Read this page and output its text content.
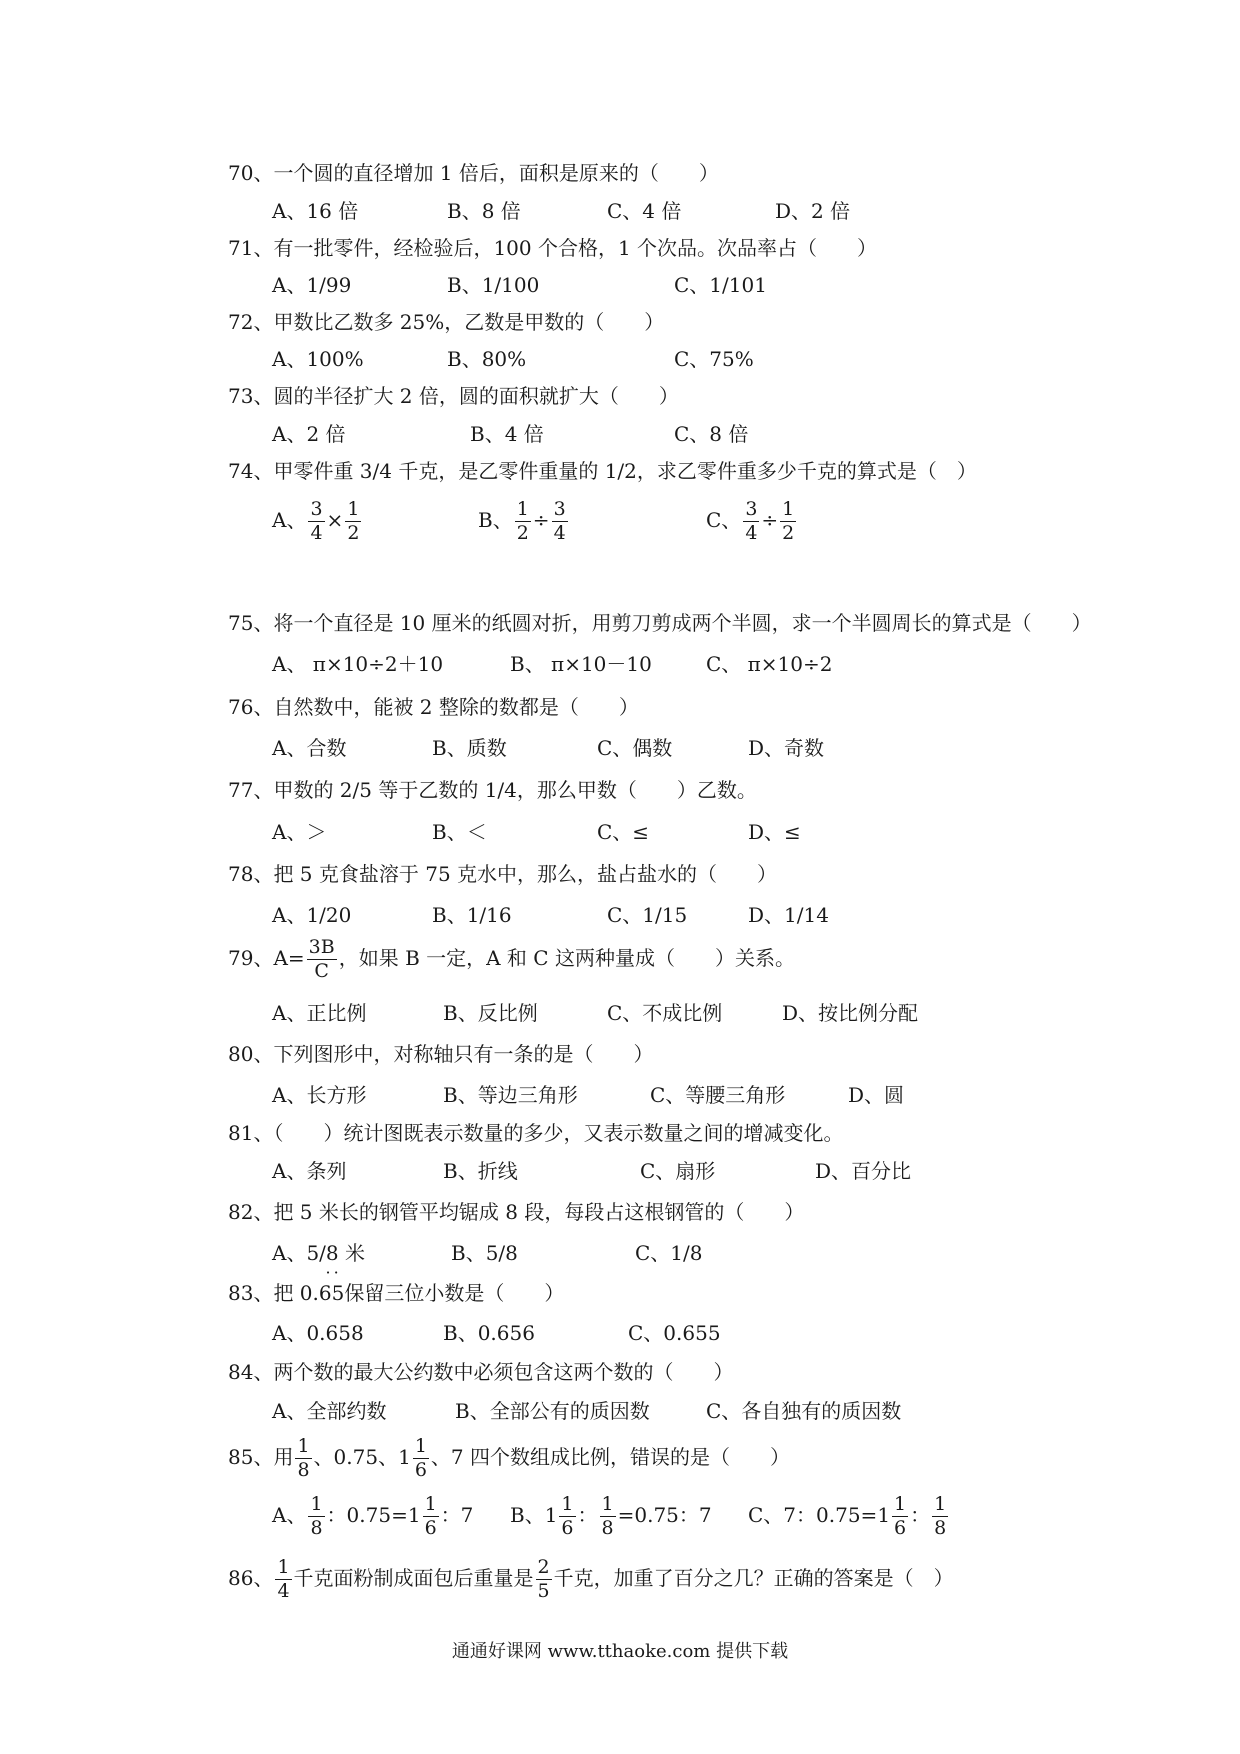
70、一个圆的直径增加 1 倍后，面积是原来的（　　）
A、16 倍	B、8 倍	C、4 倍	D、2 倍
71、有一批零件，经检验后，100 个合格，1 个次品。次品率占（　　）
A、1/99	B、1/100	C、1/101
72、甲数比乙数多 25%，乙数是甲数的（　　）
A、100%	B、80%	C、75%
73、圆的半径扩大 2 倍，圆的面积就扩大（　　）
A、2 倍	B、4 倍	C、8 倍
74、甲零件重 3/4 千克，是乙零件重量的 1/2，求乙零件重多少千克的算式是（　）
A、 $\frac{3}{4} \times \frac{1}{2}$	B、 $\frac{1}{2} \div \frac{3}{4}$	C、 $\frac{3}{4} \div \frac{1}{2}$
75、将一个直径是 10 厘米的纸圆对折，用剪刀剪成两个半圆，求一个半圆周长的算式是（　　）
A、 π×10÷2＋10	B、 π×10－10	C、 π×10÷2
76、自然数中，能被 2 整除的数都是（　　）
A、合数	B、质数	C、偶数	D、奇数
77、甲数的 2/5 等于乙数的 1/4，那么甲数（　　）乙数。
A、＞	B、＜	C、≤	D、≤
78、把 5 克食盐溶于 75 克水中，那么，盐占盐水的（　　）
A、1/20	B、1/16	C、1/15	D、1/14
79、$A= \frac{3B}{C}$ ，如果 B 一定，A 和 C 这两种量成（　　）关系。
A、正比例	B、反比例	C、不成比例	D、按比例分配
80、下列图形中，对称轴只有一条的是（　　）
A、长方形	B、等边三角形	C、等腰三角形	D、圆
81、（　　）统计图既表示数量的多少，又表示数量之间的增减变化。
A、条列	B、折线	C、扇形	D、百分比
82、把 5 米长的钢管平均锯成 8 段，每段占这根钢管的（　　）
A、5/8 米	B、5/8	C、1/8
83、把 0.
· ·
65保留三位小数是（　　）
A、0.658	B、0.656	C、0.655
84、两个数的最大公约数中必须包含这两个数的（　　）
A、全部约数	B、全部公有的质因数	C、各自独有的质因数
85、用 $\frac{1}{8}$ 、0.75、$1 \frac{1}{6}$ 、7 四个数组成比例，错误的是（　　）
A、 $\frac{1}{8}$ ：$0.75=1 \frac{1}{6}$ ：7 B、$1 \frac{1}{6}$ ： $\frac{1}{8} =0.75$：7 C、7：$0.75=1 \frac{1}{6}$ ： $\frac{1}{8}$
86、 $\frac{1}{4}$ 千克面粉制成面包后重量是 $\frac{2}{5}$ 千克，加重了百分之几？正确的答案是（　）
通通好课网 www.tthaoke.com 提供下载
